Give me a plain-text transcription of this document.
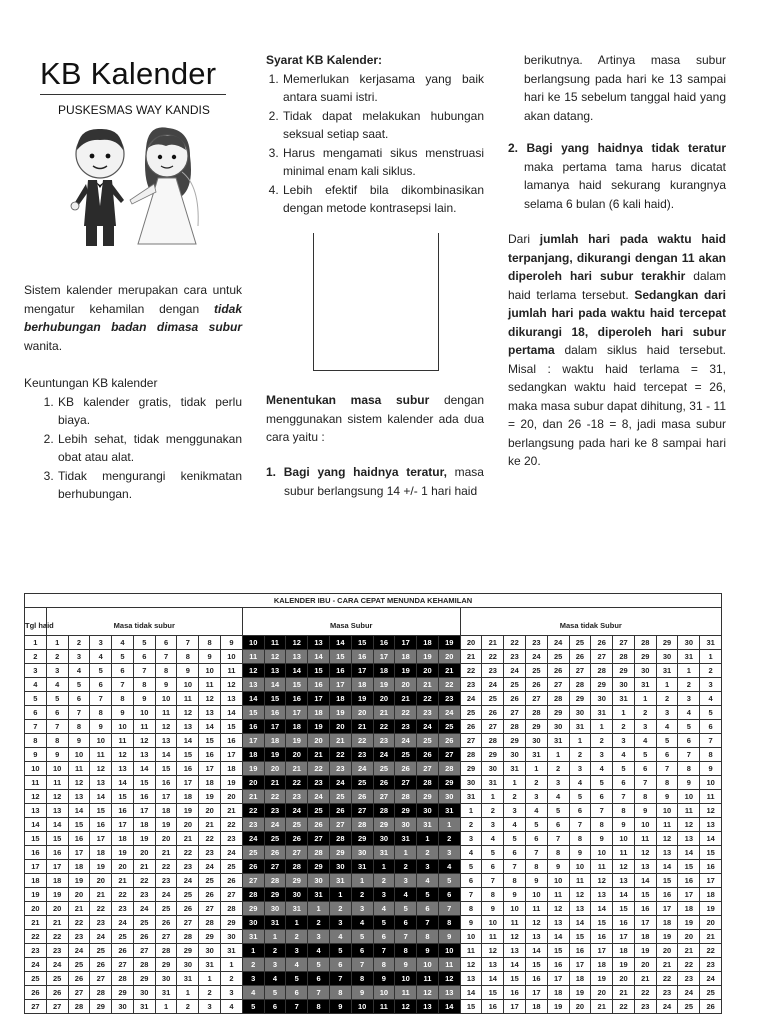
KB Kalender
PUSKESMAS WAY KANDIS

Sistem kalender merupakan cara untuk mengatur kehamilan dengan tidak berhubungan badan dimasa subur wanita.

Keuntungan KB kalender

1. KB kalender gratis, tidak perlu biaya.
2. Lebih sehat, tidak menggunakan obat atau alat.
3. Tidak mengurangi kenikmatan berhubungan.

Syarat KB Kalender:

1. Memerlukan kerjasama yang baik antara suami istri.
2. Tidak dapat melakukan hubungan seksual setiap saat.
3. Harus mengamati sikus menstruasi minimal enam kali siklus.
4. Lebih efektif bila dikombinasikan dengan metode kontrasepsi lain.

Menentukan masa subur dengan menggunakan sistem kalender ada dua cara yaitu :

1. Bagi yang haidnya teratur, masa subur berlangsung 14 +/- 1 hari haid

berikutnya. Artinya masa subur berlangsung pada hari ke 13 sampai hari ke 15 sebelum tanggal haid yang akan datang.

2. Bagi yang haidnya tidak teratur maka pertama tama harus dicatat lamanya haid sekurang kurangnya selama 6 bulan (6 kali haid).

Dari jumlah hari pada waktu haid terpanjang, dikurangi dengan 11 akan diperoleh hari subur terakhir dalam haid terlama tersebut. Sedangkan dari jumlah hari pada waktu haid tercepat dikurangi 18, diperoleh hari subur pertama dalam siklus haid tersebut. Misal : waktu haid terlama = 31, sedangkan waktu haid tercepat = 26, maka masa subur dapat dihitung, 31 - 11 = 20, dan 26 -18 = 8, jadi masa subur berlangsung pada hari ke 8 sampai hari ke 20.

KALENDER IBU - CARA CEPAT MENUNDA KEHAMILAN																															
Tgl haid	Masa tidak subur									Masa Subur										Masa tidak Subur											
1	1	2	3	4	5	6	7	8	9	10	11	12	13	14	15	16	17	18	19	20	21	22	23	24	25	26	27	28	29	30	31
2	2	3	4	5	6	7	8	9	10	11	12	13	14	15	16	17	18	19	20	21	22	23	24	25	26	27	28	29	30	31	1
3	3	4	5	6	7	8	9	10	11	12	13	14	15	16	17	18	19	20	21	22	23	24	25	26	27	28	29	30	31	1	2
4	4	5	6	7	8	9	10	11	12	13	14	15	16	17	18	19	20	21	22	23	24	25	26	27	28	29	30	31	1	2	3
5	5	6	7	8	9	10	11	12	13	14	15	16	17	18	19	20	21	22	23	24	25	26	27	28	29	30	31	1	2	3	4
6	6	7	8	9	10	11	12	13	14	15	16	17	18	19	20	21	22	23	24	25	26	27	28	29	30	31	1	2	3	4	5
7	7	8	9	10	11	12	13	14	15	16	17	18	19	20	21	22	23	24	25	26	27	28	29	30	31	1	2	3	4	5	6
8	8	9	10	11	12	13	14	15	16	17	18	19	20	21	22	23	24	25	26	27	28	29	30	31	1	2	3	4	5	6	7
9	9	10	11	12	13	14	15	16	17	18	19	20	21	22	23	24	25	26	27	28	29	30	31	1	2	3	4	5	6	7	8
10	10	11	12	13	14	15	16	17	18	19	20	21	22	23	24	25	26	27	28	29	30	31	1	2	3	4	5	6	7	8	9
11	11	12	13	14	15	16	17	18	19	20	21	22	23	24	25	26	27	28	29	30	31	1	2	3	4	5	6	7	8	9	10
12	12	13	14	15	16	17	18	19	20	21	22	23	24	25	26	27	28	29	30	31	1	2	3	4	5	6	7	8	9	10	11
13	13	14	15	16	17	18	19	20	21	22	23	24	25	26	27	28	29	30	31	1	2	3	4	5	6	7	8	9	10	11	12
14	14	15	16	17	18	19	20	21	22	23	24	25	26	27	28	29	30	31	1	2	3	4	5	6	7	8	9	10	11	12	13
15	15	16	17	18	19	20	21	22	23	24	25	26	27	28	29	30	31	1	2	3	4	5	6	7	8	9	10	11	12	13	14
16	16	17	18	19	20	21	22	23	24	25	26	27	28	29	30	31	1	2	3	4	5	6	7	8	9	10	11	12	13	14	15
17	17	18	19	20	21	22	23	24	25	26	27	28	29	30	31	1	2	3	4	5	6	7	8	9	10	11	12	13	14	15	16
18	18	19	20	21	22	23	24	25	26	27	28	29	30	31	1	2	3	4	5	6	7	8	9	10	11	12	13	14	15	16	17
19	19	20	21	22	23	24	25	26	27	28	29	30	31	1	2	3	4	5	6	7	8	9	10	11	12	13	14	15	16	17	18
20	20	21	22	23	24	25	26	27	28	29	30	31	1	2	3	4	5	6	7	8	9	10	11	12	13	14	15	16	17	18	19
21	21	22	23	24	25	26	27	28	29	30	31	1	2	3	4	5	6	7	8	9	10	11	12	13	14	15	16	17	18	19	20
22	22	23	24	25	26	27	28	29	30	31	1	2	3	4	5	6	7	8	9	10	11	12	13	14	15	16	17	18	19	20	21
23	23	24	25	26	27	28	29	30	31	1	2	3	4	5	6	7	8	9	10	11	12	13	14	15	16	17	18	19	20	21	22
24	24	25	26	27	28	29	30	31	1	2	3	4	5	6	7	8	9	10	11	12	13	14	15	16	17	18	19	20	21	22	23
25	25	26	27	28	29	30	31	1	2	3	4	5	6	7	8	9	10	11	12	13	14	15	16	17	18	19	20	21	22	23	24
26	26	27	28	29	30	31	1	2	3	4	5	6	7	8	9	10	11	12	13	14	15	16	17	18	19	20	21	22	23	24	25
27	27	28	29	30	31	1	2	3	4	5	6	7	8	9	10	11	12	13	14	15	16	17	18	19	20	21	22	23	24	25	26
